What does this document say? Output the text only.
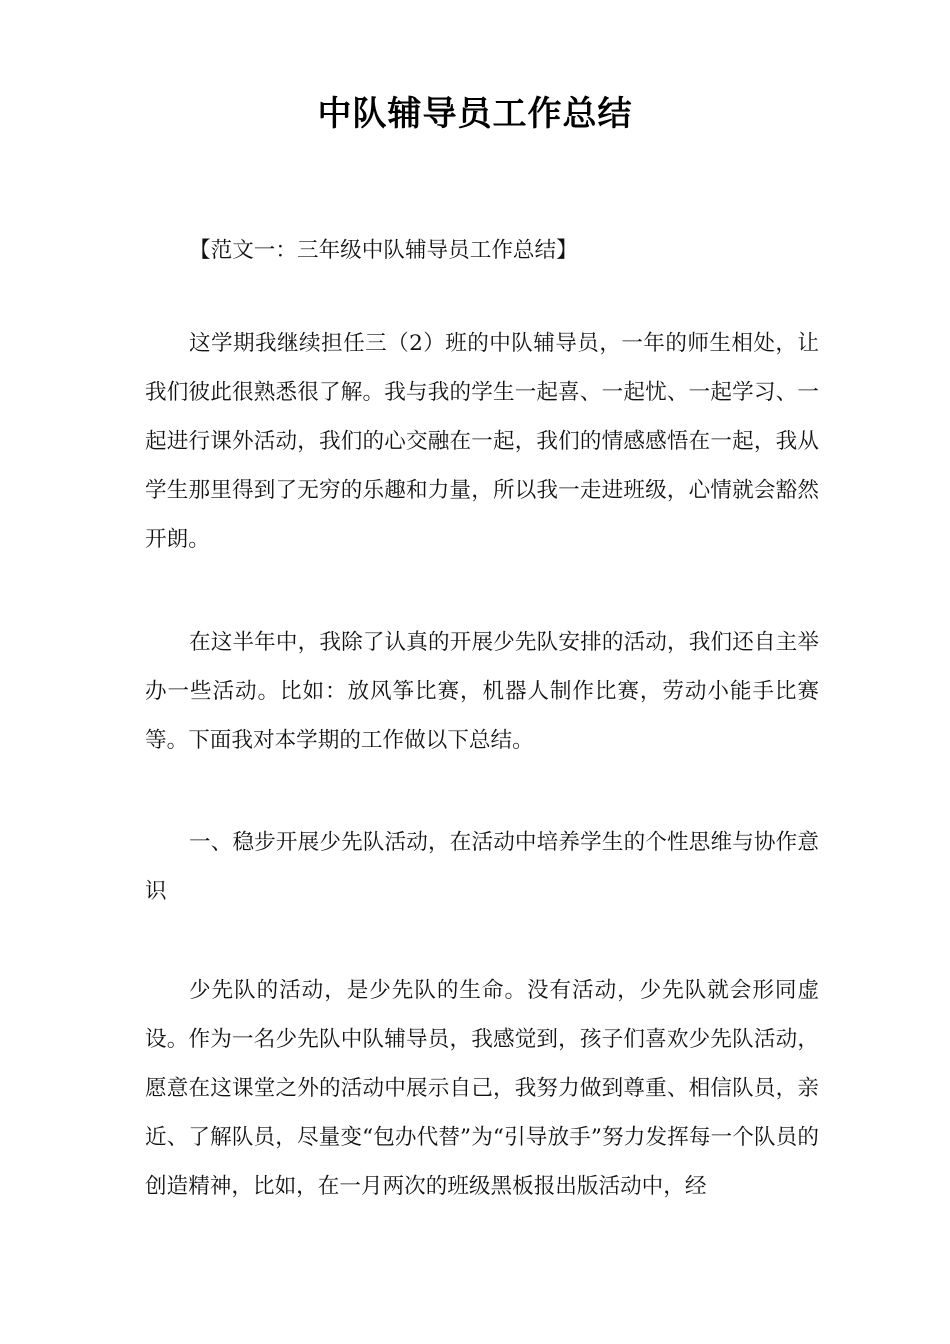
中队辅导员工作总结

【范文一：三年级中队辅导员工作总结】

这学期我继续担任三（2）班的中队辅导员，一年的师生相处，让我们彼此很熟悉很了解。我与我的学生一起喜、一起忧、一起学习、一起进行课外活动，我们的心交融在一起，我们的情感感悟在一起，我从学生那里得到了无穷的乐趣和力量，所以我一走进班级，心情就会豁然开朗。

在这半年中，我除了认真的开展少先队安排的活动，我们还自主举办一些活动。比如：放风筝比赛，机器人制作比赛，劳动小能手比赛等。下面我对本学期的工作做以下总结。

一、稳步开展少先队活动，在活动中培养学生的个性思维与协作意识

少先队的活动，是少先队的生命。没有活动，少先队就会形同虚设。作为一名少先队中队辅导员，我感觉到，孩子们喜欢少先队活动，愿意在这课堂之外的活动中展示自己，我努力做到尊重、相信队员，亲近、了解队员，尽量变“包办代替”为“引导放手”努力发挥每一个队员的创造精神，比如，在一月两次的班级黑板报出版活动中，经
